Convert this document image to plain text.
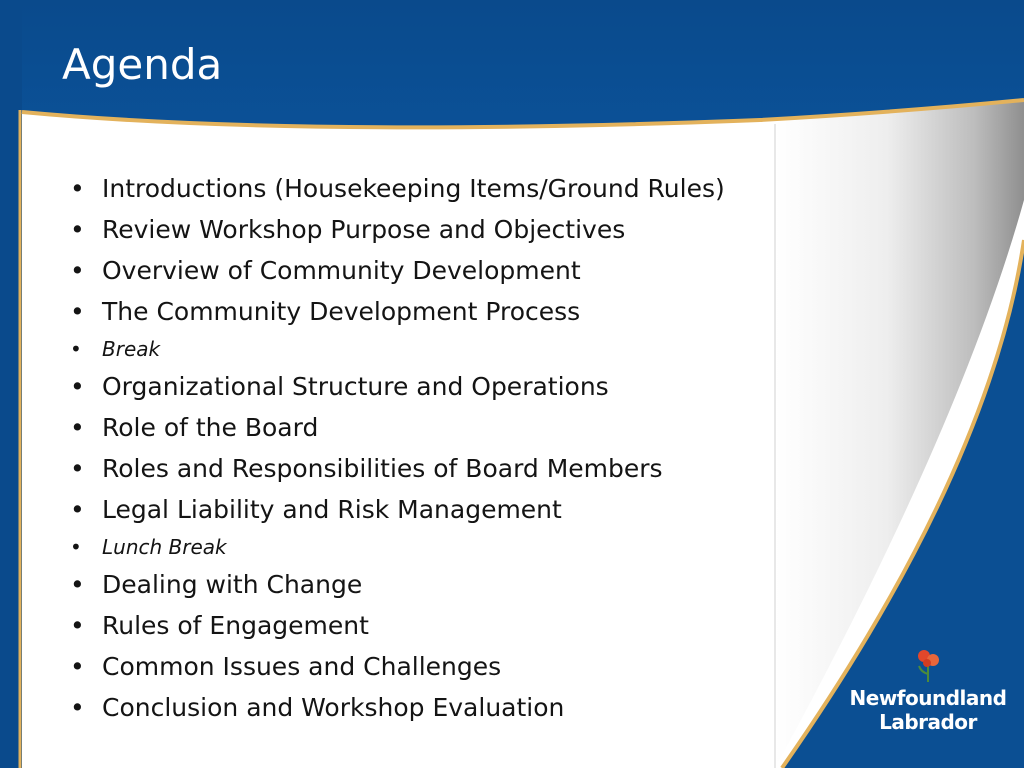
Agenda
• Introductions (Housekeeping Items/Ground Rules)
• Review Workshop Purpose and Objectives
• Overview of Community Development
• The Community Development Process
• Break
• Organizational Structure and Operations
• Role of the Board
• Roles and Responsibilities of Board Members
• Legal Liability and Risk Management
• Lunch Break
• Dealing with Change
• Rules of Engagement
• Common Issues and Challenges
• Conclusion and Workshop Evaluation	Newfoundland
Labrador
